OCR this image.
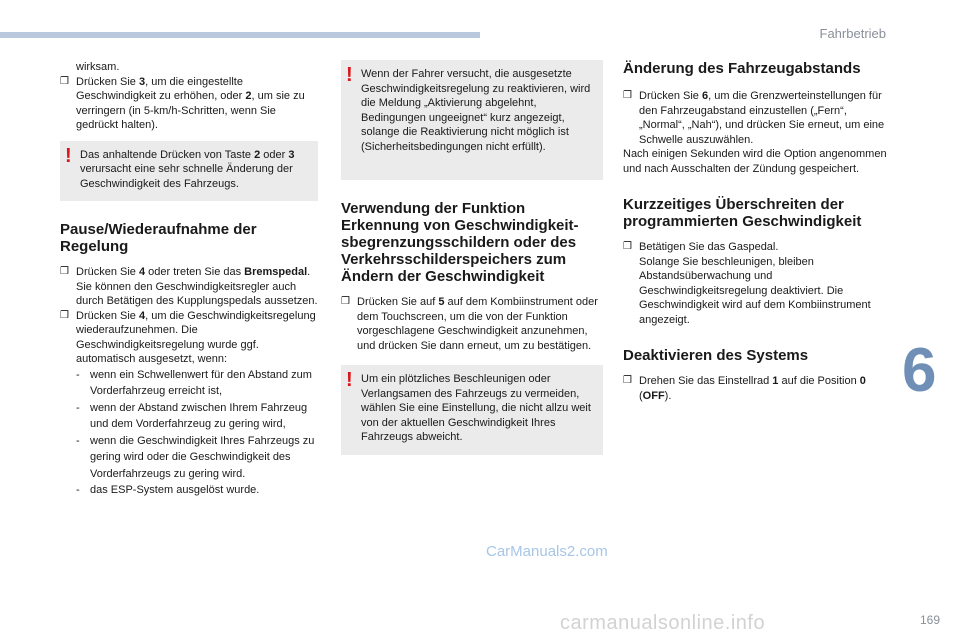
Fahrbetrieb
6
CarManuals2.com
carmanualsonline.info	169

wirksam.

❒ Drücken Sie 3, um die eingestellte Geschwindigkeit zu erhöhen, oder 2, um sie zu verringern (in 5-km/h-Schritten, wenn Sie gedrückt halten).

! Das anhaltende Drücken von Taste 2 oder 3 verursacht eine sehr schnelle Änderung der Geschwindigkeit des Fahrzeugs.

Pause/Wiederaufnahme der Regelung

❒ Drücken Sie 4 oder treten Sie das Bremspedal. Sie können den Geschwindigkeitsregler auch durch Betätigen des Kupplungspedals aussetzen.

❒ Drücken Sie 4, um die Geschwindigkeitsregelung wiederaufzunehmen. Die Geschwindigkeitsregelung wurde ggf. automatisch ausgesetzt, wenn:

- wenn ein Schwellenwert für den Abstand zum Vorderfahrzeug erreicht ist,

- wenn der Abstand zwischen Ihrem Fahrzeug und dem Vorderfahrzeug zu gering wird,

- wenn die Geschwindigkeit Ihres Fahrzeugs zu gering wird oder die Geschwindigkeit des Vorderfahrzeugs zu gering wird.

- das ESP-System ausgelöst wurde.

! Wenn der Fahrer versucht, die ausgesetzte Geschwindigkeitsregelung zu reaktivieren, wird die Meldung „Aktivierung abgelehnt, Bedingungen ungeeignet“ kurz angezeigt, solange die Reaktivierung nicht möglich ist (Sicherheitsbedingungen nicht erfüllt).

Verwendung der Funktion Erkennung von Geschwindigkeit-sbegrenzungsschildern oder des Verkehrsschilderspeichers zum Ändern der Geschwindigkeit

❒ Drücken Sie auf 5 auf dem Kombiinstrument oder dem Touchscreen, um die von der Funktion vorgeschlagene Geschwindigkeit anzunehmen, und drücken Sie dann erneut, um zu bestätigen.

! Um ein plötzliches Beschleunigen oder Verlangsamen des Fahrzeugs zu vermeiden, wählen Sie eine Einstellung, die nicht allzu weit von der aktuellen Geschwindigkeit Ihres Fahrzeugs abweicht.

Änderung des Fahrzeugabstands

❒ Drücken Sie 6, um die Grenzwerteinstellungen für den Fahrzeugabstand einzustellen („Fern“, „Normal“, „Nah“), und drücken Sie erneut, um eine Schwelle auszuwählen.

Nach einigen Sekunden wird die Option angenommen und nach Ausschalten der Zündung gespeichert.

Kurzzeitiges Überschreiten der programmierten Geschwindigkeit

❒ Betätigen Sie das Gaspedal.

Solange Sie beschleunigen, bleiben Abstandsüberwachung und Geschwindigkeitsregelung deaktiviert. Die Geschwindigkeit wird auf dem Kombiinstrument angezeigt.

Deaktivieren des Systems

❒ Drehen Sie das Einstellrad 1 auf die Position 0 (OFF).
